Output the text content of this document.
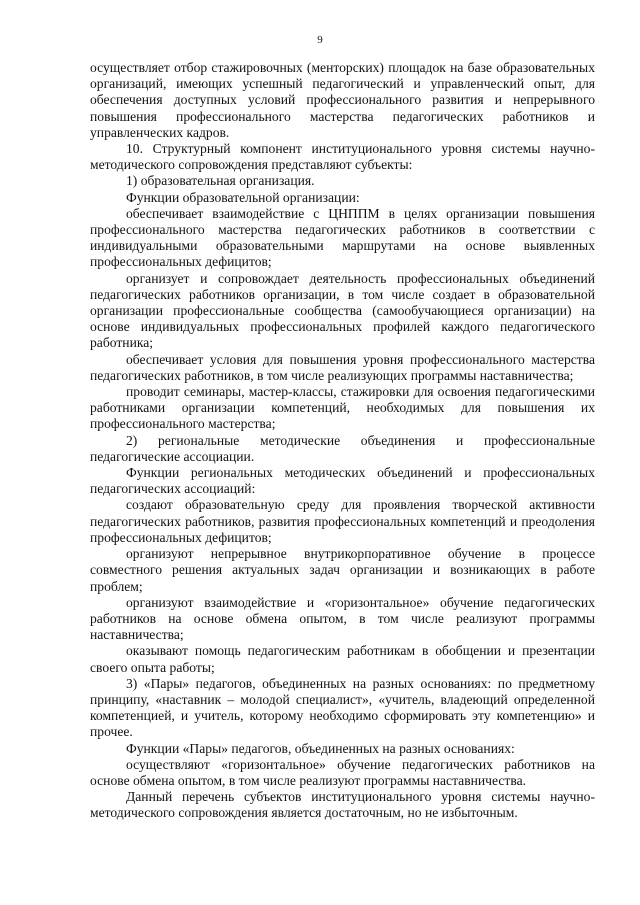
9

осуществляет отбор стажировочных (менторских) площадок на базе образовательных организаций, имеющих успешный педагогический и управленческий опыт, для обеспечения доступных условий профессионального развития и непрерывного повышения профессионального мастерства педагогических работников и управленческих кадров.

10. Структурный компонент институционального уровня системы научно-методического сопровождения представляют субъекты:

1) образовательная организация.

Функции образовательной организации:

обеспечивает взаимодействие с ЦНППМ в целях организации повышения профессионального мастерства педагогических работников в соответствии с индивидуальными образовательными маршрутами на основе выявленных профессиональных дефицитов;

организует и сопровождает деятельность профессиональных объединений педагогических работников организации, в том числе создает в образовательной организации профессиональные сообщества (самообучающиеся организации) на основе индивидуальных профессиональных профилей каждого педагогического работника;

обеспечивает условия для повышения уровня профессионального мастерства педагогических работников, в том числе реализующих программы наставничества;

проводит семинары, мастер-классы, стажировки для освоения педагогическими работниками организации компетенций, необходимых для повышения их профессионального мастерства;

2) региональные методические объединения и профессиональные педагогические ассоциации.

Функции региональных методических объединений и профессиональных педагогических ассоциаций:

создают образовательную среду для проявления творческой активности педагогических работников, развития профессиональных компетенций и преодоления профессиональных дефицитов;

организуют непрерывное внутрикорпоративное обучение в процессе совместного решения актуальных задач организации и возникающих в работе проблем;

организуют взаимодействие и «горизонтальное» обучение педагогических работников на основе обмена опытом, в том числе реализуют программы наставничества;

оказывают помощь педагогическим работникам в обобщении и презентации своего опыта работы;

3) «Пары» педагогов, объединенных на разных основаниях: по предметному принципу, «наставник – молодой специалист», «учитель, владеющий определенной компетенцией, и учитель, которому необходимо сформировать эту компетенцию» и прочее.

Функции «Пары» педагогов, объединенных на разных основаниях:

осуществляют «горизонтальное» обучение педагогических работников на основе обмена опытом, в том числе реализуют программы наставничества.

Данный перечень субъектов институционального уровня системы научно-методического сопровождения является достаточным, но не избыточным.
